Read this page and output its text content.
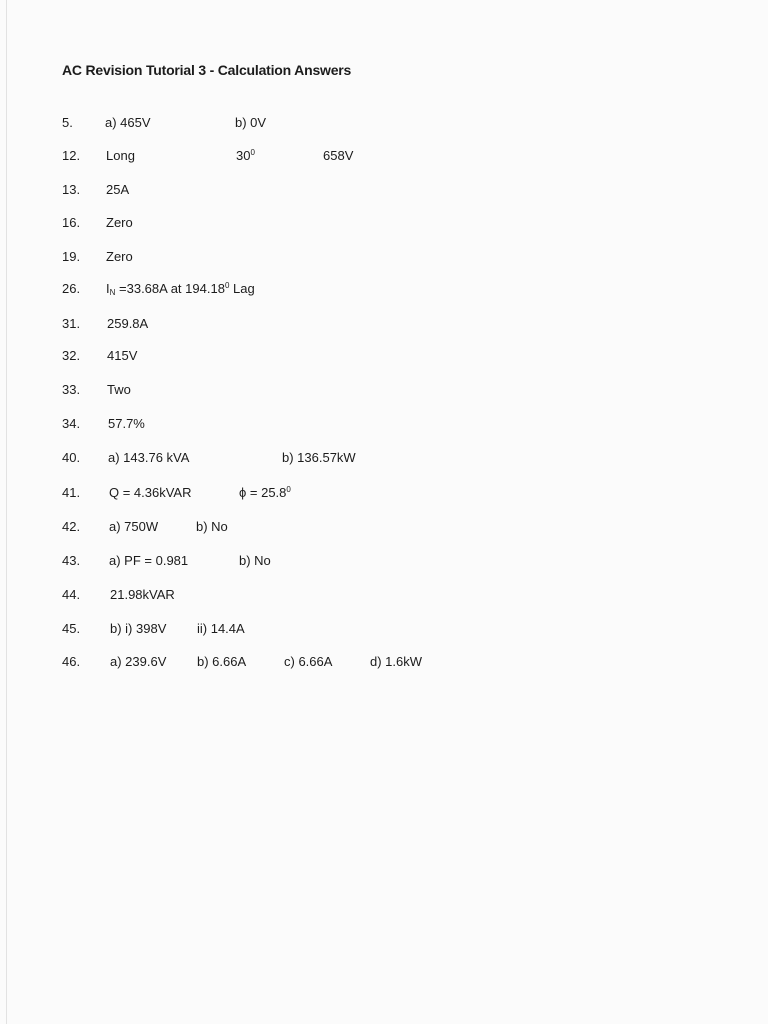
AC Revision Tutorial 3 - Calculation Answers
5. a) 465V	b) 0V
12. Long	$30^0$	658V
13. 25A
16. Zero
19. Zero
26. $I_N =33.68A$ at 194.18$^0$ Lag
31. 259.8A
32. 415V
33. Two
34. 57.7%
40. a) 143.76 kVA	b) 136.57kW
41. Q = 4.36kVAR	$\phi = 25.8^0$
42. a) 750W	b) No
43. a) PF = 0.981	b) No
44. 21.98kVAR
45. b) i) 398V ii) 14.4A
46. a) 239.6V b) 6.66A	c) 6.66A	d) 1.6kW
